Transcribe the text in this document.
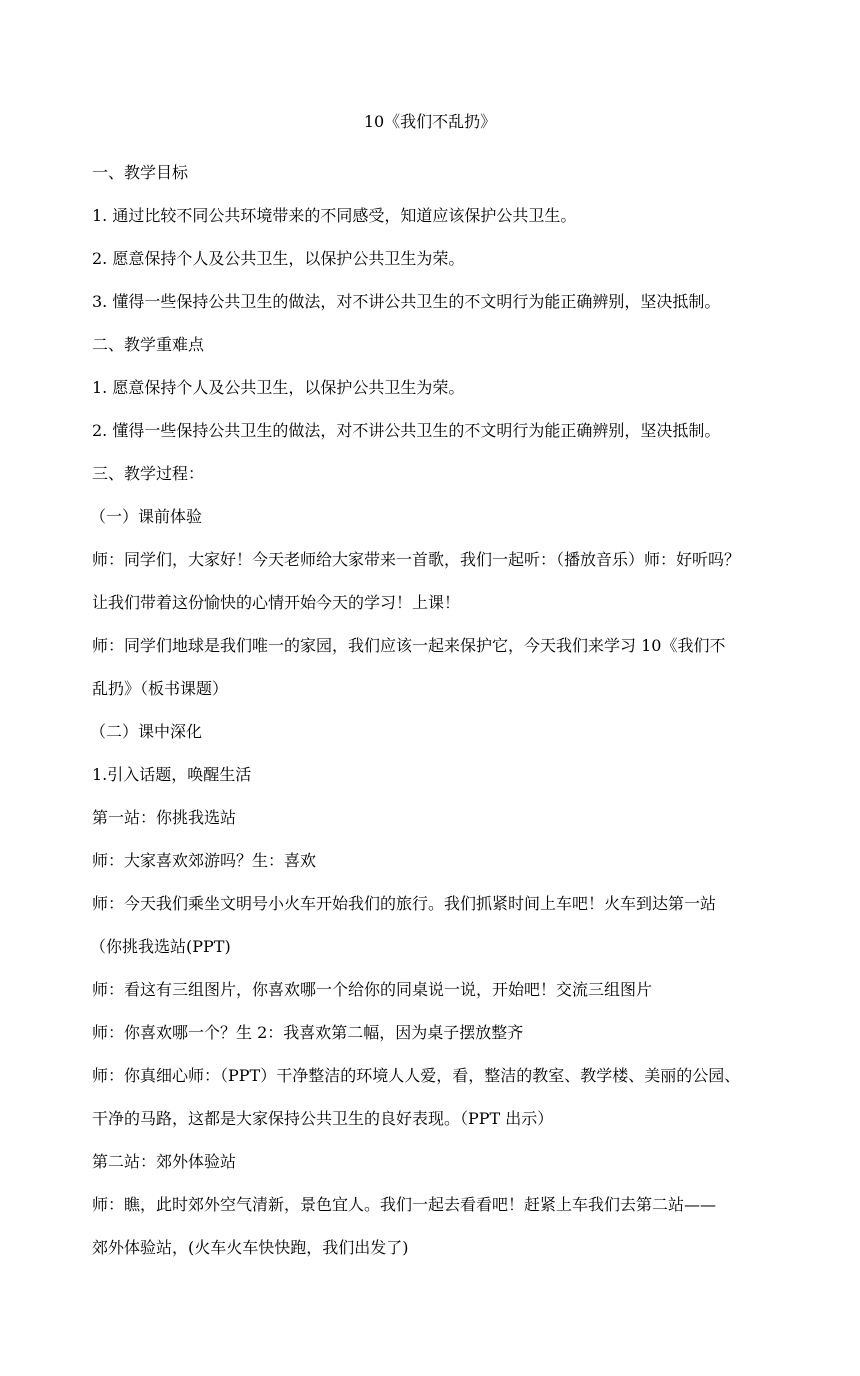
10《我们不乱扔》
一、教学目标
1. 通过比较不同公共环境带来的不同感受，知道应该保护公共卫生。
2. 愿意保持个人及公共卫生，以保护公共卫生为荣。
3. 懂得一些保持公共卫生的做法，对不讲公共卫生的不文明行为能正确辨别，坚决抵制。
二、教学重难点
1. 愿意保持个人及公共卫生，以保护公共卫生为荣。
2. 懂得一些保持公共卫生的做法，对不讲公共卫生的不文明行为能正确辨别，坚决抵制。
三、教学过程：
（一）课前体验
师：同学们，大家好！今天老师给大家带来一首歌，我们一起听：（播放音乐）师：好听吗？
让我们带着这份愉快的心情开始今天的学习！上课！
师：同学们地球是我们唯一的家园，我们应该一起来保护它，今天我们来学习 10《我们不
乱扔》（板书课题）
（二）课中深化
1.引入话题，唤醒生活
第一站：你挑我选站
师：大家喜欢郊游吗？生：喜欢
师：今天我们乘坐文明号小火车开始我们的旅行。我们抓紧时间上车吧！火车到达第一站
（你挑我选站(PPT)
师：看这有三组图片，你喜欢哪一个给你的同桌说一说，开始吧！交流三组图片
师：你喜欢哪一个？生 2：我喜欢第二幅，因为桌子摆放整齐
师：你真细心师：（PPT）干净整洁的环境人人爱，看，整洁的教室、教学楼、美丽的公园、
干净的马路，这都是大家保持公共卫生的良好表现。（PPT 出示）
第二站：郊外体验站
师：瞧，此时郊外空气清新，景色宜人。我们一起去看看吧！赶紧上车我们去第二站——
郊外体验站，(火车火车快快跑，我们出发了)
